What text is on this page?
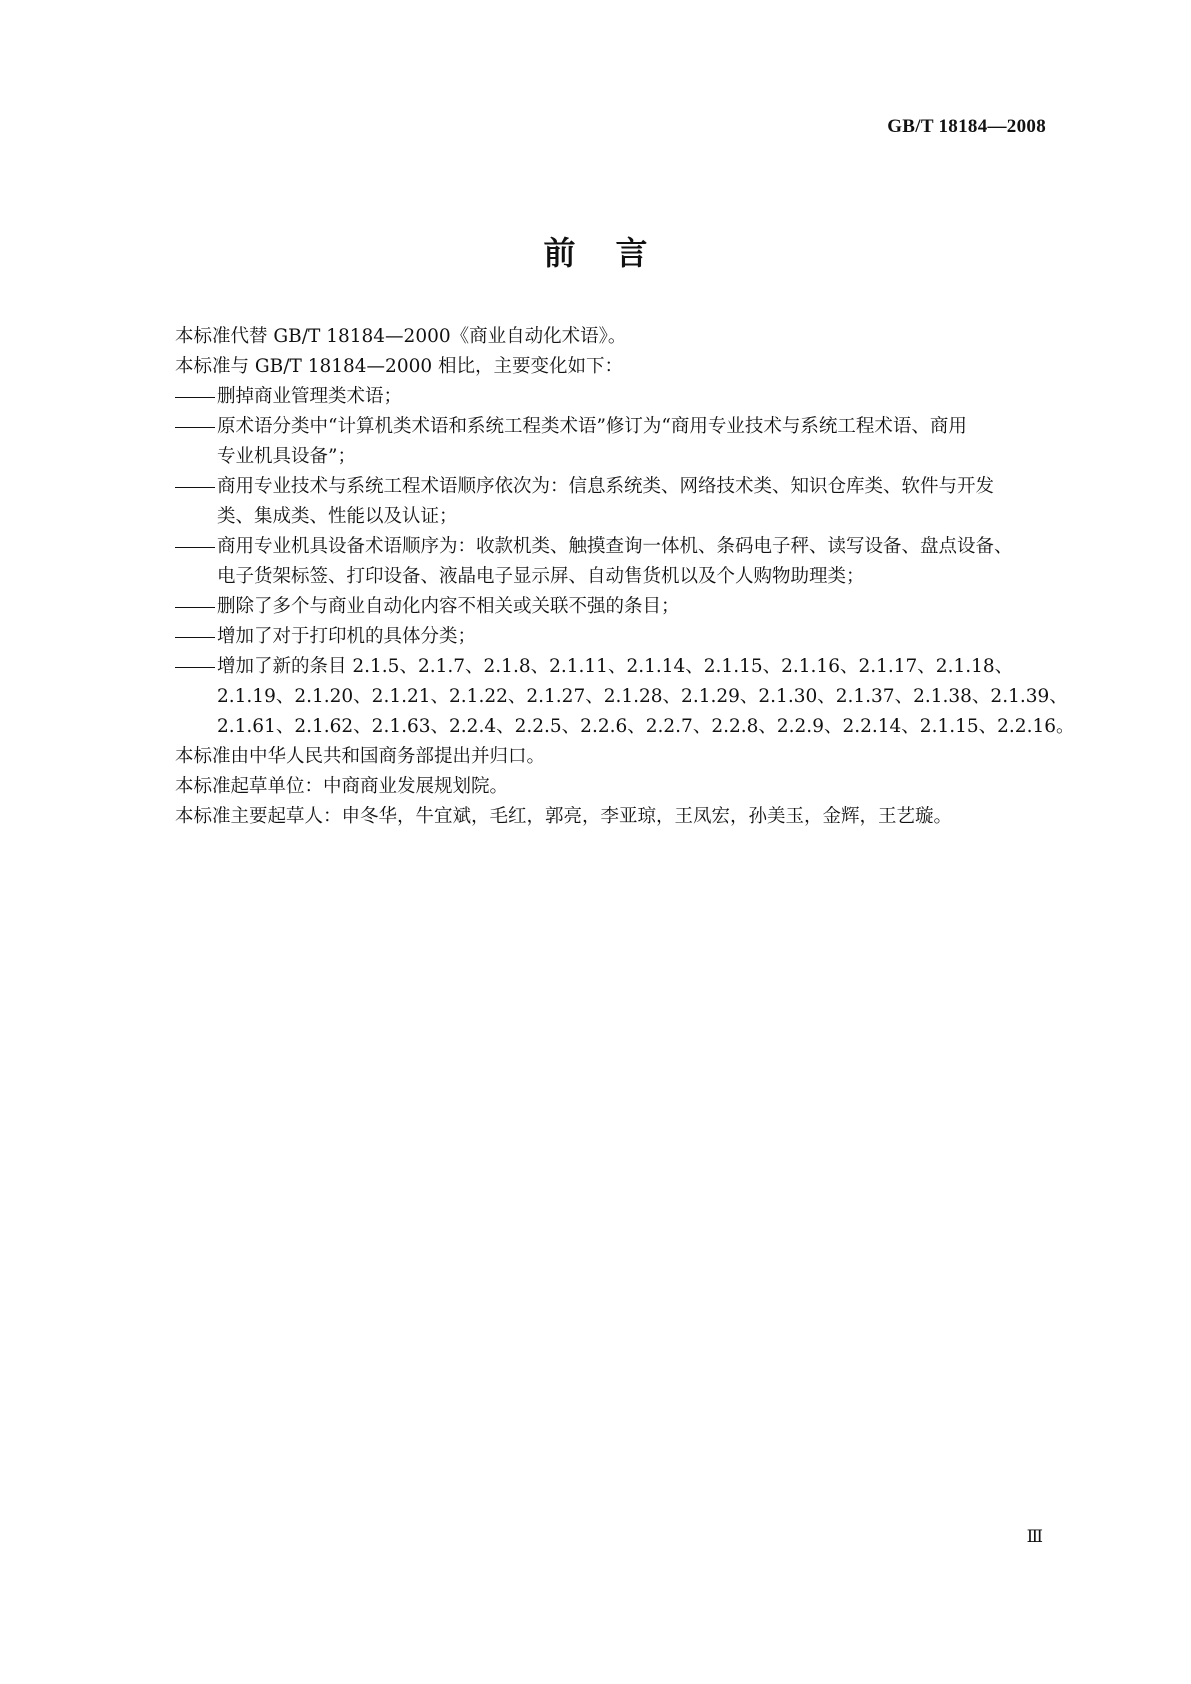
GB/T 18184—2008
前言

本标准代替 GB/T 18184—2000《商业自动化术语》。

本标准与 GB/T 18184—2000 相比，主要变化如下：

删掉商业管理类术语；
原术语分类中“计算机类术语和系统工程类术语”修订为“商用专业技术与系统工程术语、商用
专业机具设备”；
商用专业技术与系统工程术语顺序依次为：信息系统类、网络技术类、知识仓库类、软件与开发
类、集成类、性能以及认证；
商用专业机具设备术语顺序为：收款机类、触摸查询一体机、条码电子秤、读写设备、盘点设备、
电子货架标签、打印设备、液晶电子显示屏、自动售货机以及个人购物助理类；
删除了多个与商业自动化内容不相关或关联不强的条目；
增加了对于打印机的具体分类；
增加了新的条目 2.1.5、2.1.7、2.1.8、2.1.11、2.1.14、2.1.15、2.1.16、2.1.17、2.1.18、
2.1.19、2.1.20、2.1.21、2.1.22、2.1.27、2.1.28、2.1.29、2.1.30、2.1.37、2.1.38、2.1.39、
2.1.61、2.1.62、2.1.63、2.2.4、2.2.5、2.2.6、2.2.7、2.2.8、2.2.9、2.2.14、2.1.15、2.2.16。

本标准由中华人民共和国商务部提出并归口。

本标准起草单位：中商商业发展规划院。

本标准主要起草人：申冬华，牛宜斌，毛红，郭亮，李亚琼，王凤宏，孙美玉，金辉，王艺璇。

Ⅲ
